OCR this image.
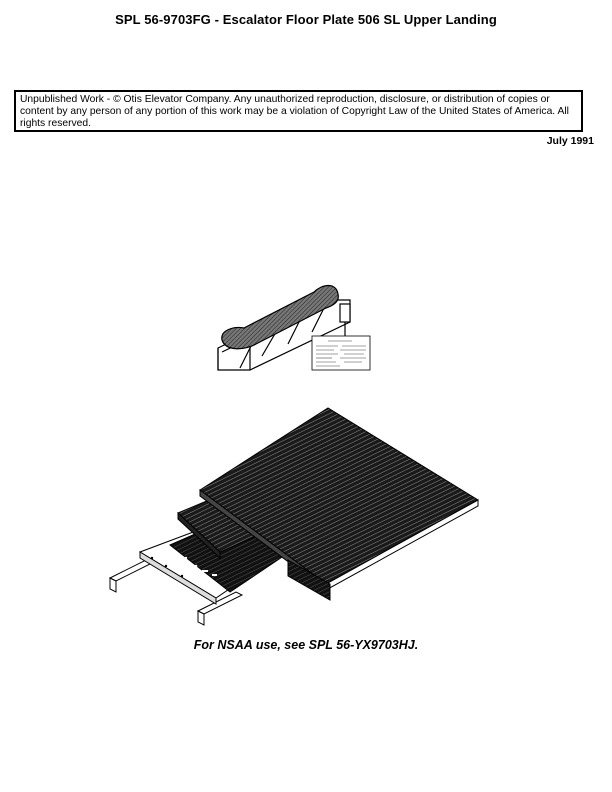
SPL 56-9703FG - Escalator Floor Plate 506 SL Upper Landing
Unpublished Work - © Otis Elevator Company. Any unauthorized reproduction, disclosure, or distribution of copies or content by any person of any portion of this work may be a violation of Copyright Law of the United States of America. All rights reserved.
July 1991
For NSAA use, see SPL 56-YX9703HJ.
